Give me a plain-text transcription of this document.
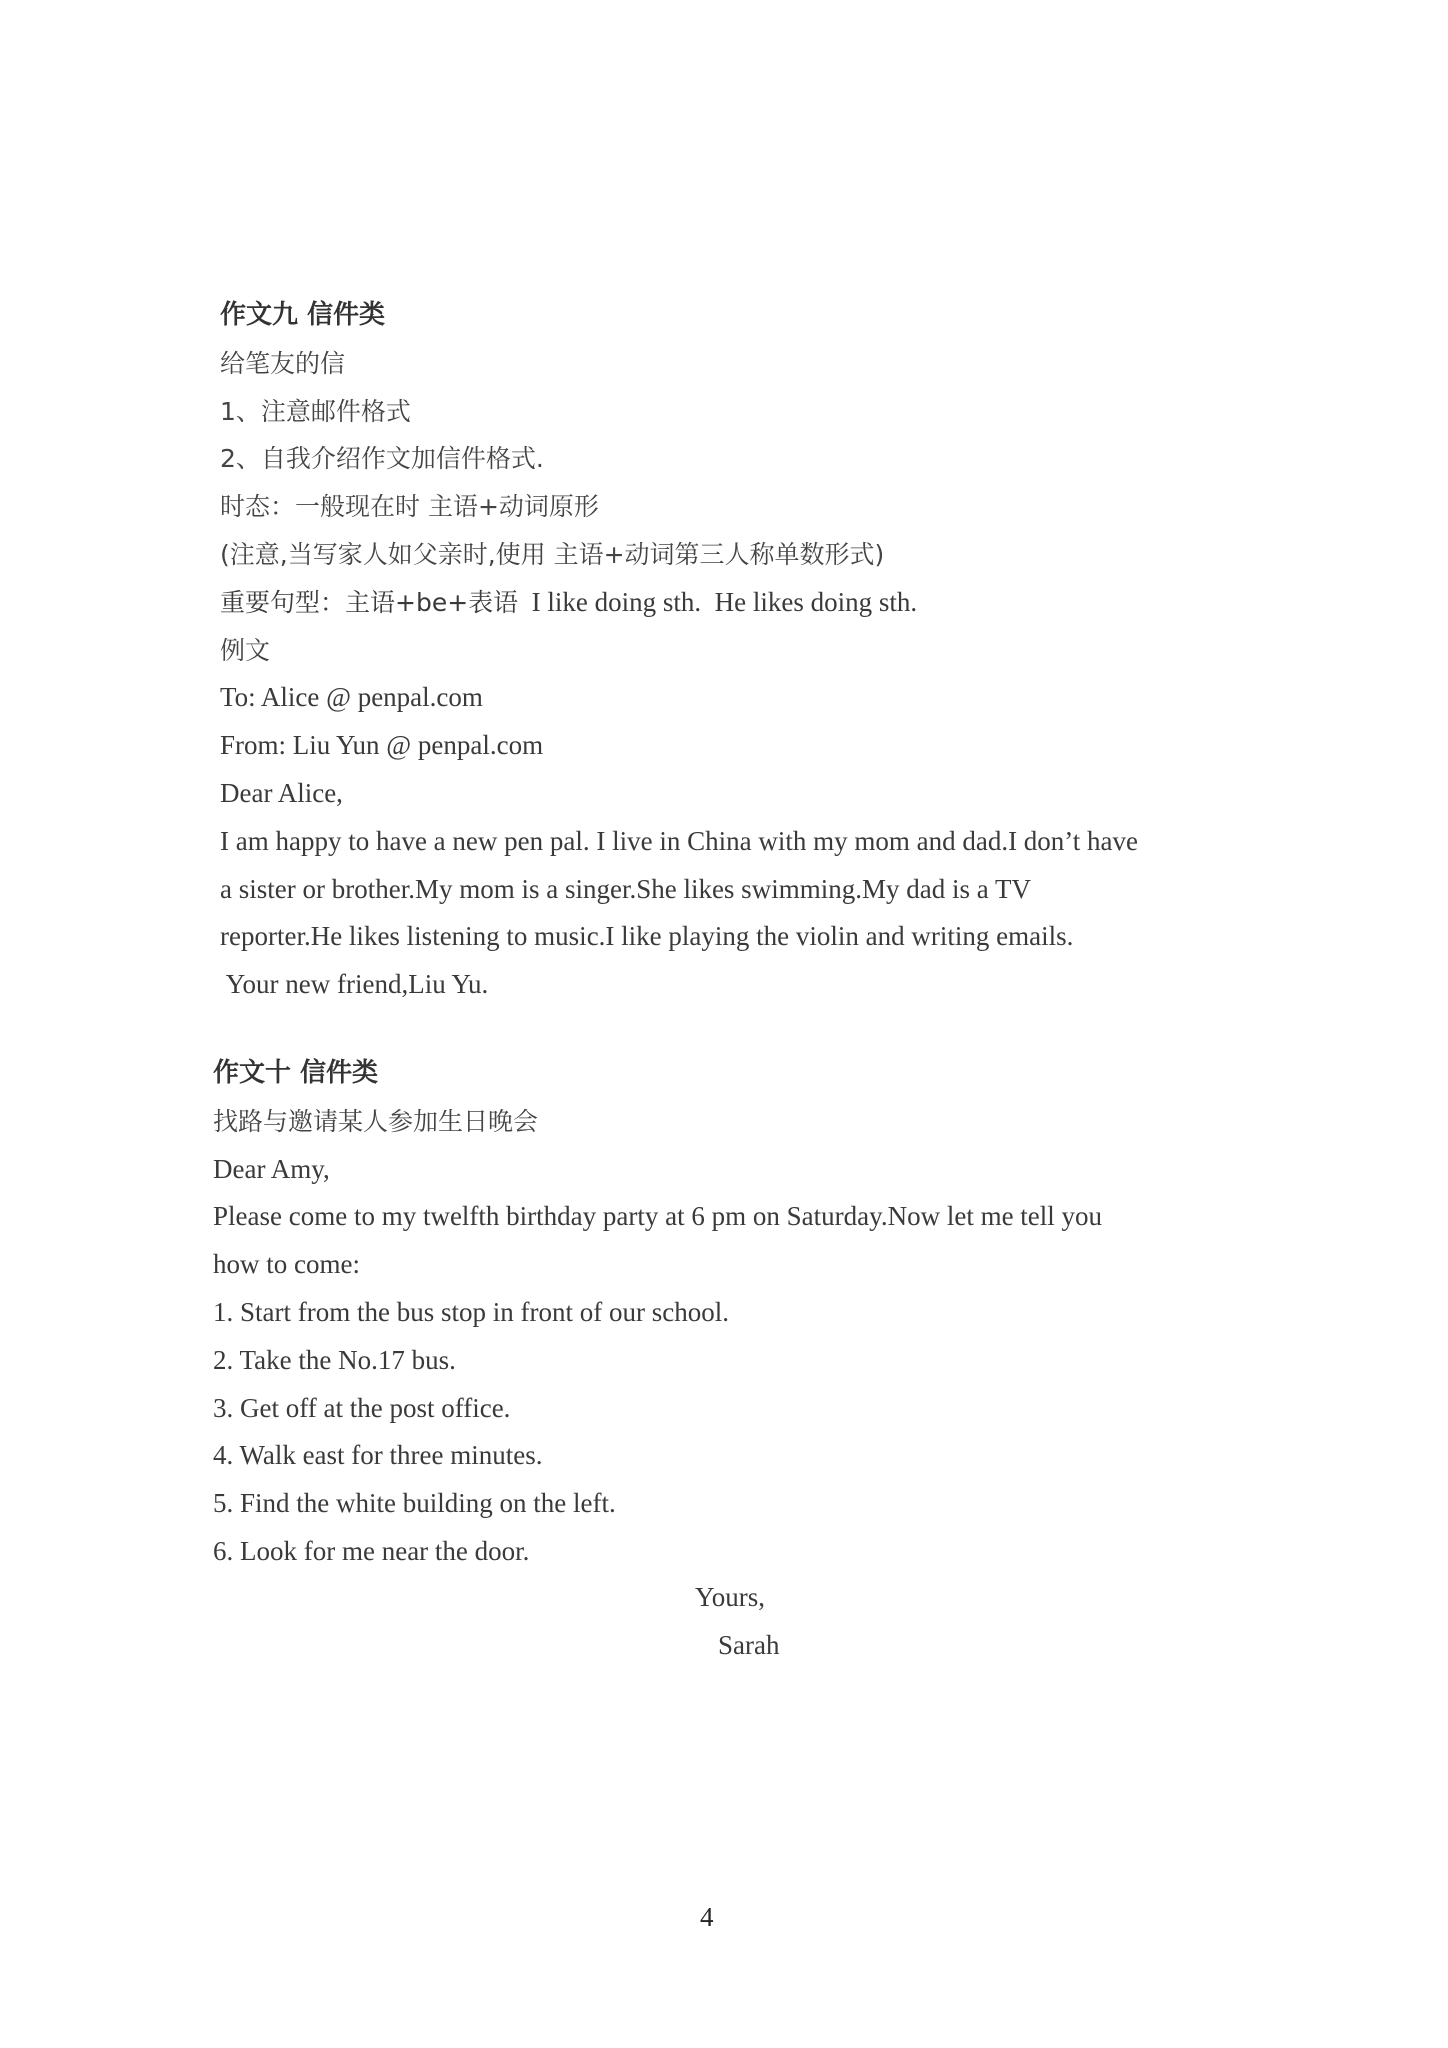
作文九 信件类
给笔友的信
1、注意邮件格式
2、自我介绍作文加信件格式.
时态：一般现在时 主语+动词原形
(注意,当写家人如父亲时,使用 主语+动词第三人称单数形式)
重要句型：主语+be+表语  I like doing sth.  He likes doing sth.
例文
To: Alice @ penpal.com
From: Liu Yun @ penpal.com
Dear Alice,
I am happy to have a new pen pal. I live in China with my mom and dad.I don’t have
a sister or brother.My mom is a singer.She likes swimming.My dad is a TV
reporter.He likes listening to music.I like playing the violin and writing emails.
Your new friend,Liu Yu.
作文十 信件类
找路与邀请某人参加生日晚会
Dear Amy,
Please come to my twelfth birthday party at 6 pm on Saturday.Now let me tell you
how to come:
1. Start from the bus stop in front of our school.
2. Take the No.17 bus.
3. Get off at the post office.
4. Walk east for three minutes.
5. Find the white building on the left.
6. Look for me near the door.
Yours,
Sarah
4
